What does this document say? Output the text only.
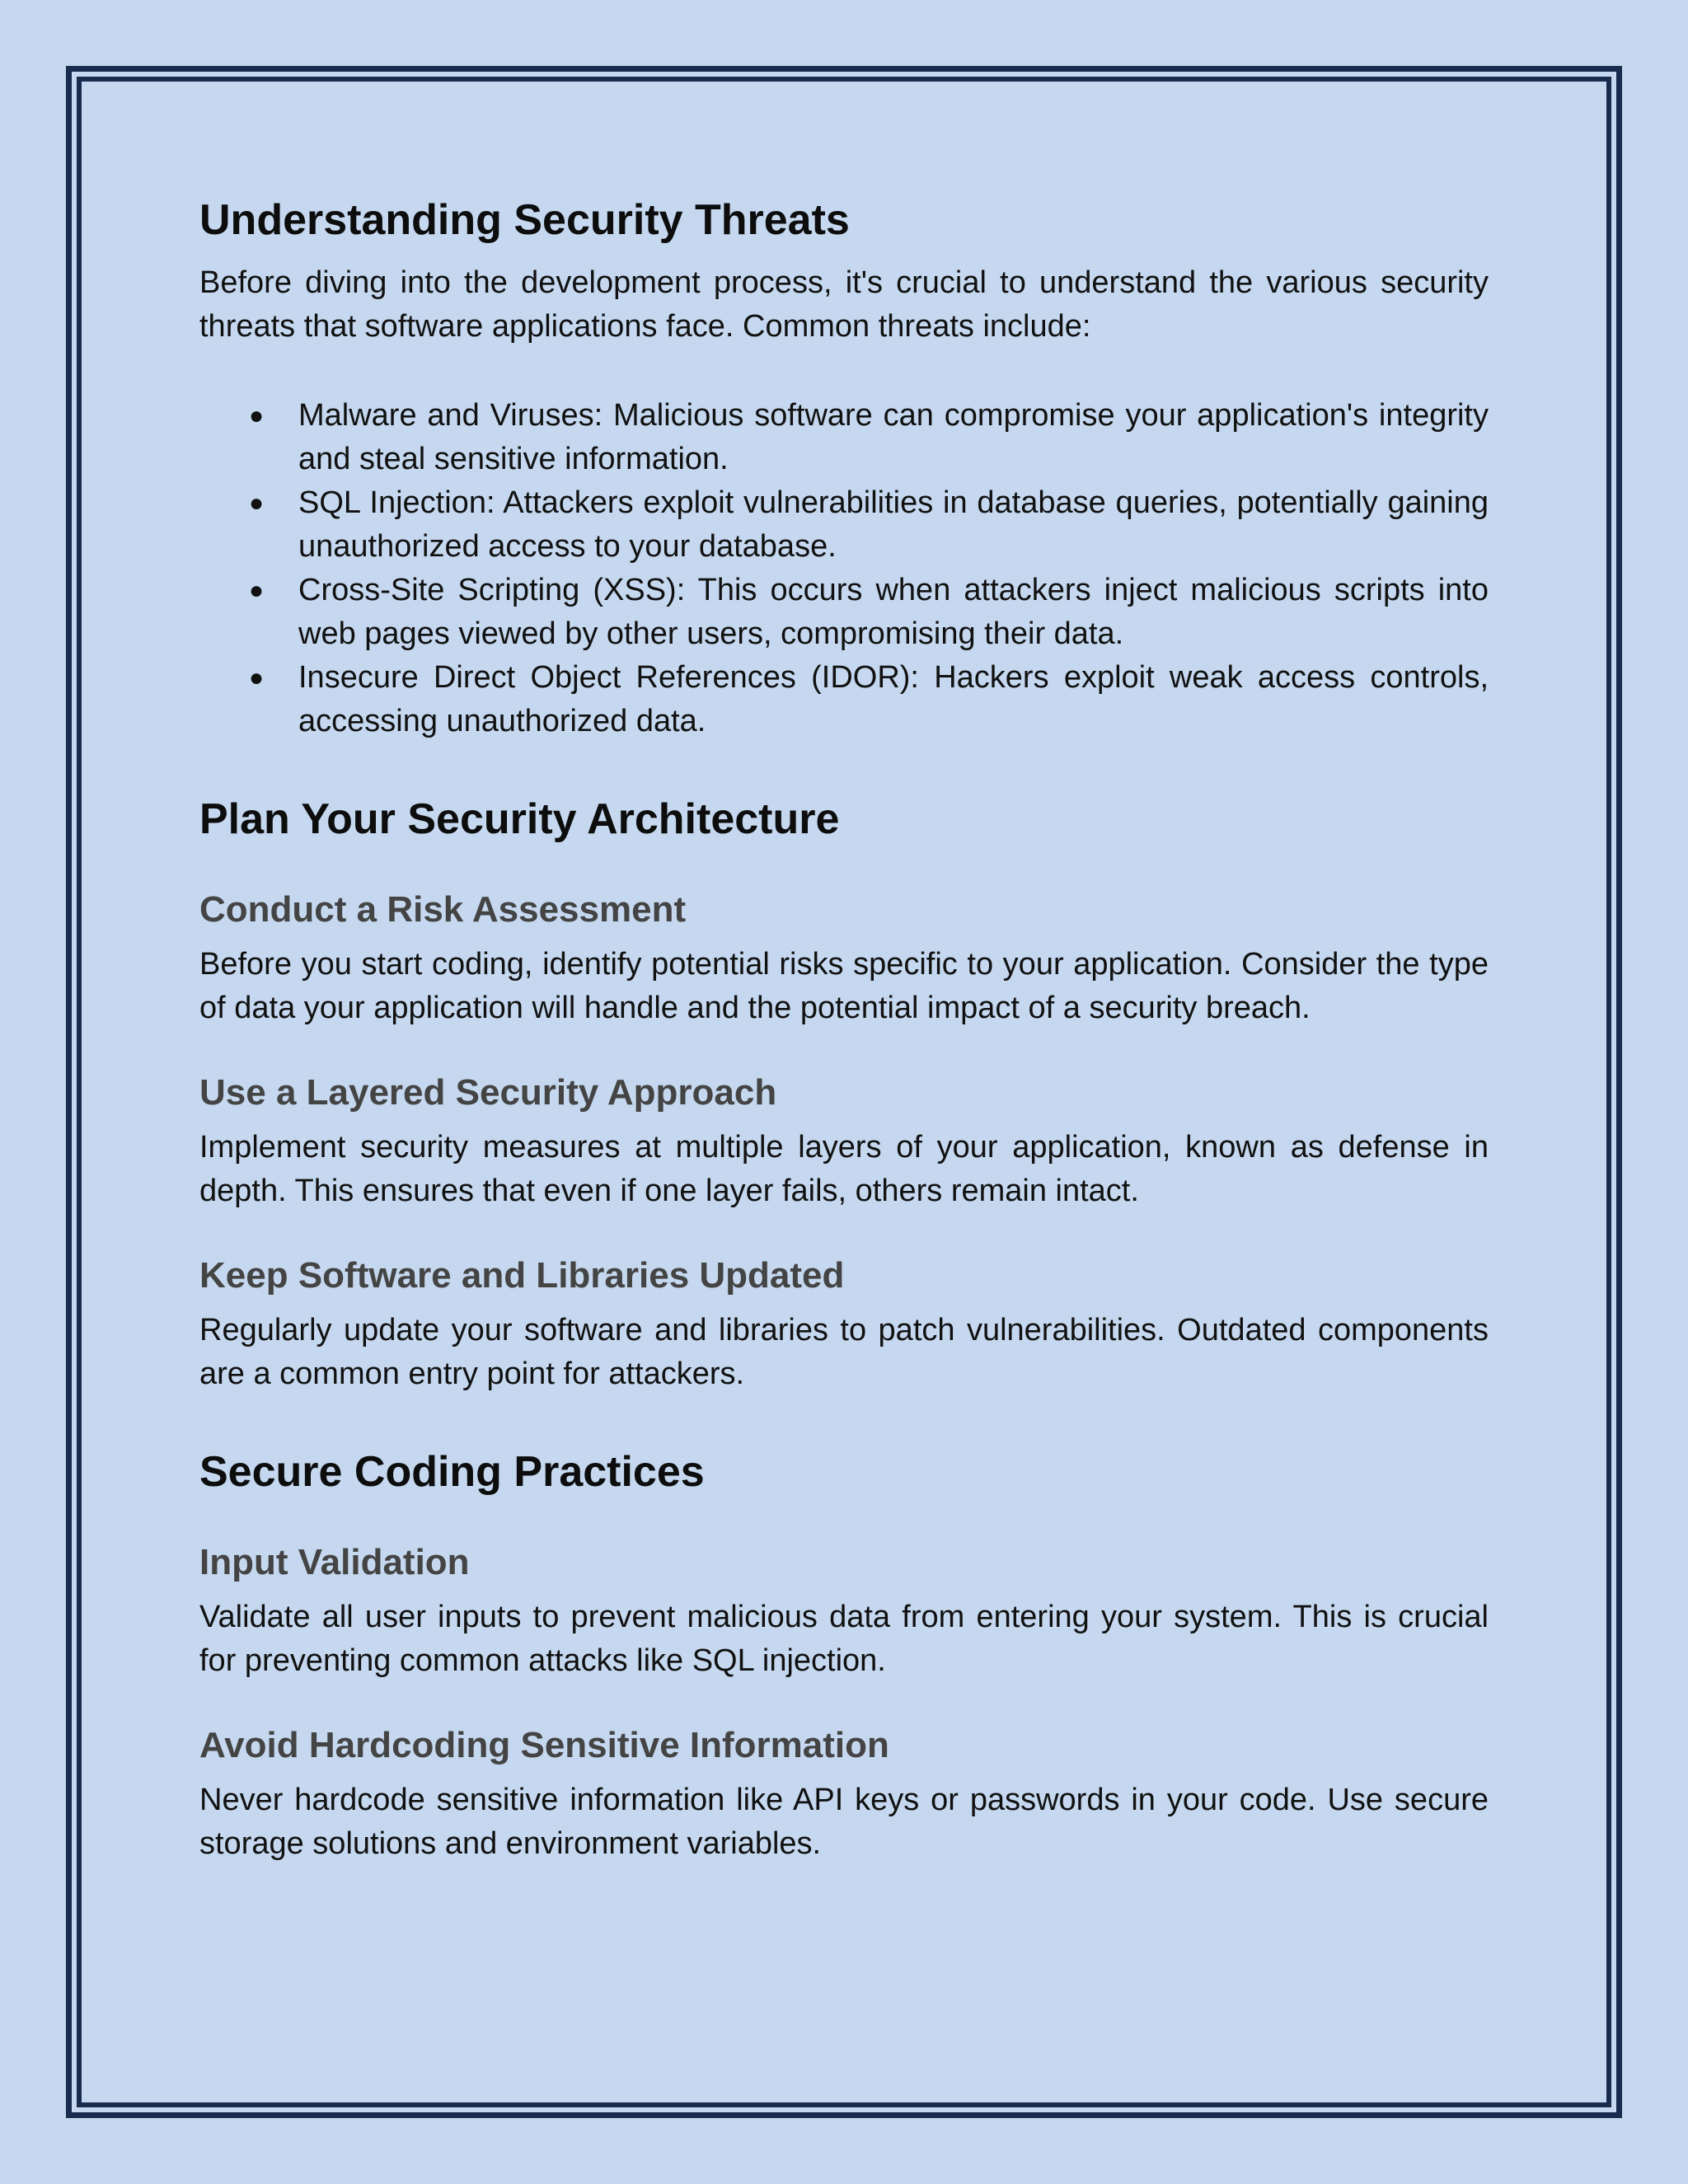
Understanding Security Threats

Before diving into the development process, it's crucial to understand the various security threats that software applications face. Common threats include:

● Malware and Viruses: Malicious software can compromise your application's integrity and steal sensitive information.
● SQL Injection: Attackers exploit vulnerabilities in database queries, potentially gaining unauthorized access to your database.
● Cross-Site Scripting (XSS): This occurs when attackers inject malicious scripts into web pages viewed by other users, compromising their data.
● Insecure Direct Object References (IDOR): Hackers exploit weak access controls, accessing unauthorized data.
Plan Your Security Architecture
Conduct a Risk Assessment

Before you start coding, identify potential risks specific to your application. Consider the type of data your application will handle and the potential impact of a security breach.

Use a Layered Security Approach

Implement security measures at multiple layers of your application, known as defense in depth. This ensures that even if one layer fails, others remain intact.

Keep Software and Libraries Updated

Regularly update your software and libraries to patch vulnerabilities. Outdated components are a common entry point for attackers.

Secure Coding Practices
Input Validation

Validate all user inputs to prevent malicious data from entering your system. This is crucial for preventing common attacks like SQL injection.

Avoid Hardcoding Sensitive Information

Never hardcode sensitive information like API keys or passwords in your code. Use secure storage solutions and environment variables.
